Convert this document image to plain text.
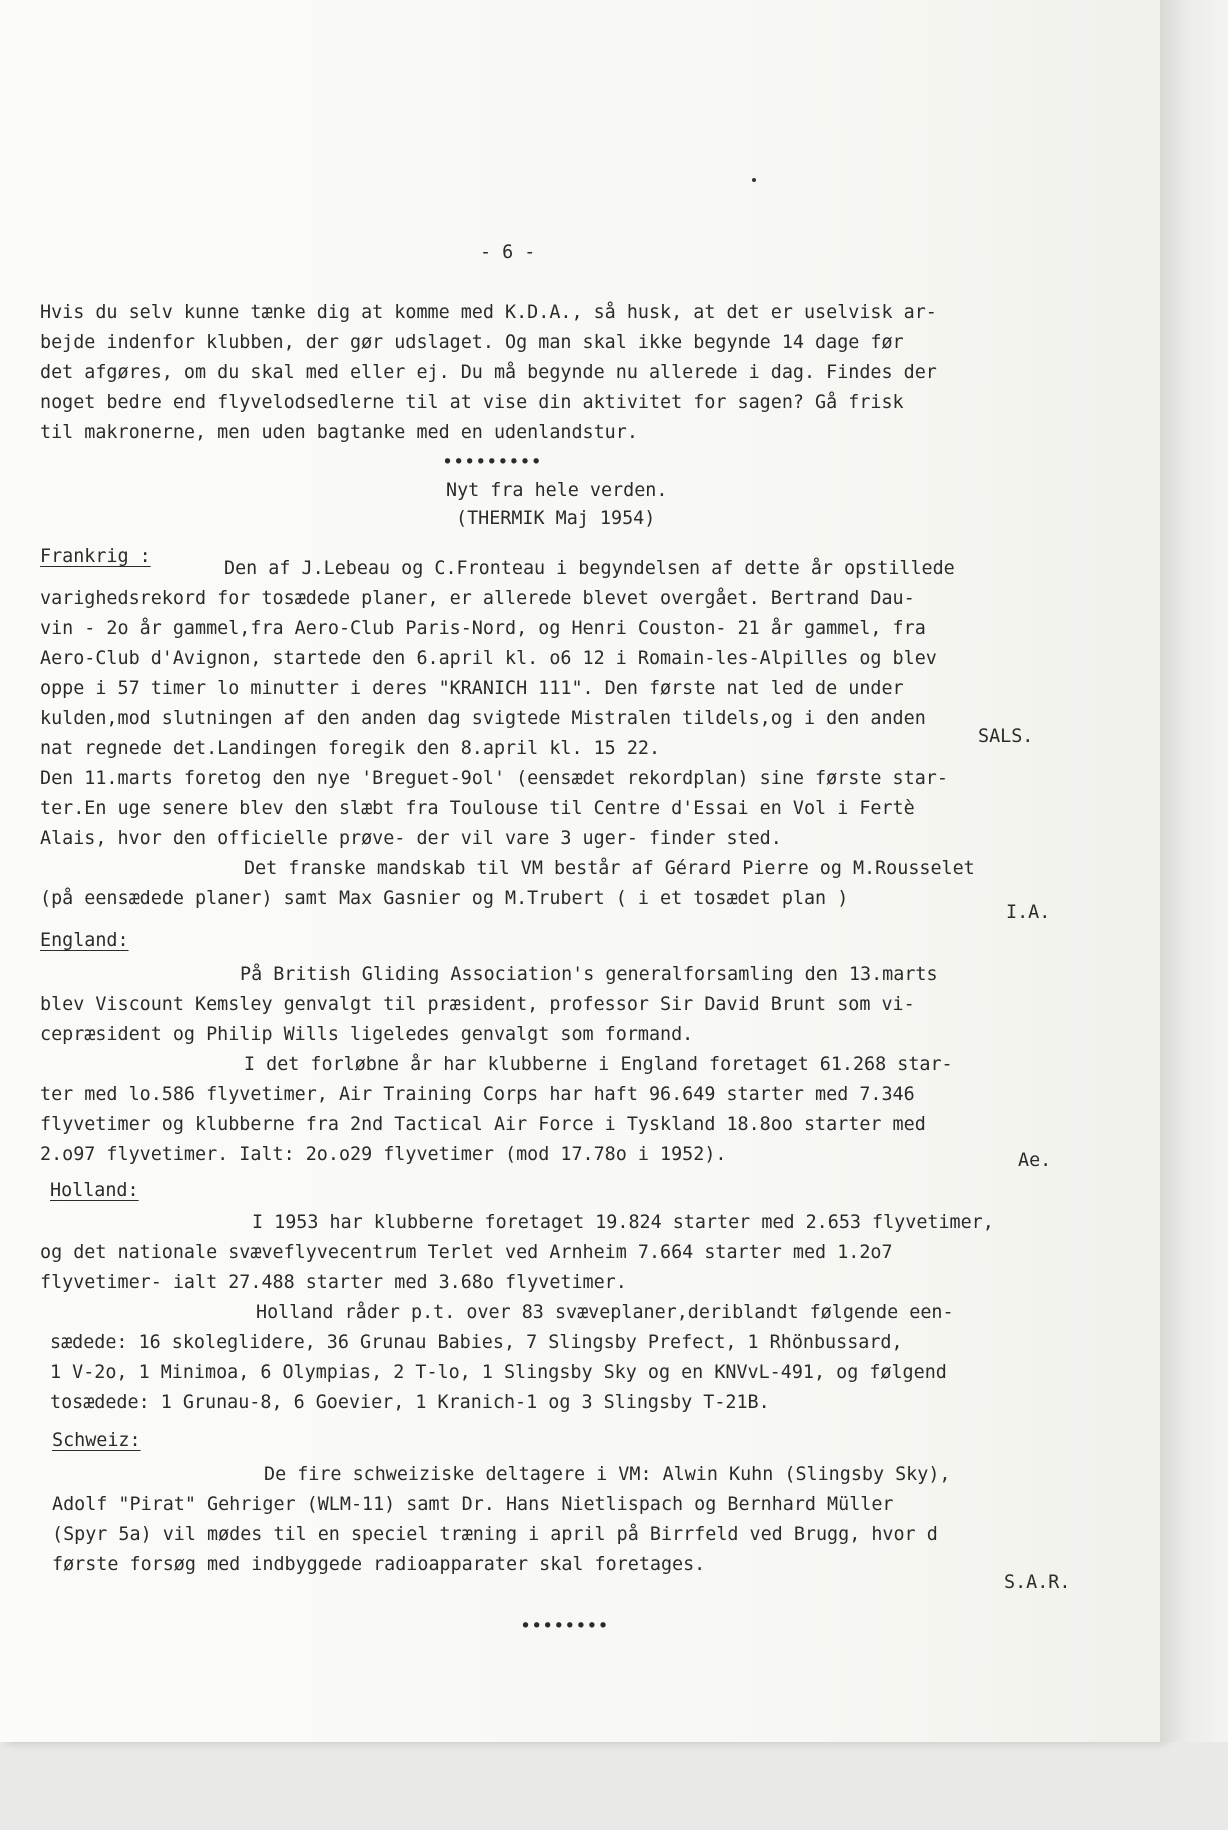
- 6 -

Hvis du selv kunne tænke dig at komme med K.D.A., så husk, at det er uselvisk ar-

bejde indenfor klubben, der gør udslaget. Og man skal ikke begynde 14 dage før

det afgøres, om du skal med eller ej. Du må begynde nu allerede i dag. Findes der

noget bedre end flyvelodsedlerne til at vise din aktivitet for sagen? Gå frisk

til makronerne, men uden bagtanke med en udenlandstur.

•••••••••

Nyt fra hele verden.

(THERMIK Maj 1954)

Frankrig :

Den af J.Lebeau og C.Fronteau i begyndelsen af dette år opstillede

varighedsrekord for tosædede planer, er allerede blevet overgået. Bertrand Dau-

vin - 2o år gammel,fra Aero-Club Paris-Nord, og Henri Couston- 21 år gammel, fra

Aero-Club d'Avignon, startede den 6.april kl. o6 12 i Romain-les-Alpilles og blev

oppe i 57 timer lo minutter i deres "KRANICH 111". Den første nat led de under

kulden,mod slutningen af den anden dag svigtede Mistralen tildels,og i den anden

nat regnede det.Landingen foregik den 8.april kl. 15 22.

SALS.

Den 11.marts foretog den nye 'Breguet-9ol' (eensædet rekordplan) sine første star-

ter.En uge senere blev den slæbt fra Toulouse til Centre d'Essai en Vol i Fertè

Alais, hvor den officielle prøve- der vil vare 3 uger- finder sted.

Det franske mandskab til VM består af Gérard Pierre og M.Rousselet

(på eensædede planer) samt Max Gasnier og M.Trubert ( i et tosædet plan )

I.A.

England:

På British Gliding Association's generalforsamling den 13.marts

blev Viscount Kemsley genvalgt til præsident, professor Sir David Brunt som vi-

cepræsident og Philip Wills ligeledes genvalgt som formand.

I det forløbne år har klubberne i England foretaget 61.268 star-

ter med lo.586 flyvetimer, Air Training Corps har haft 96.649 starter med 7.346

flyvetimer og klubberne fra 2nd Tactical Air Force i Tyskland 18.8oo starter med

2.o97 flyvetimer. Ialt: 2o.o29 flyvetimer (mod 17.78o i 1952).

	Ae.

Holland:

I 1953 har klubberne foretaget 19.824 starter med 2.653 flyvetimer,

og det nationale svæveflyvecentrum Terlet ved Arnheim 7.664 starter med 1.2o7

flyvetimer- ialt 27.488 starter med 3.68o flyvetimer.

Holland råder p.t. over 83 svæveplaner,deriblandt følgende een-

sædede: 16 skoleglidere, 36 Grunau Babies, 7 Slingsby Prefect, 1 Rhönbussard,

1 V-2o, 1 Minimoa, 6 Olympias, 2 T-lo, 1 Slingsby Sky og en KNVvL-491, og følgend

tosædede: 1 Grunau-8, 6 Goevier, 1 Kranich-1 og 3 Slingsby T-21B.

Schweiz:

De fire schweiziske deltagere i VM: Alwin Kuhn (Slingsby Sky),

Adolf "Pirat" Gehriger (WLM-11) samt Dr. Hans Nietlispach og Bernhard Müller

(Spyr 5a) vil mødes til en speciel træning i april på Birrfeld ved Brugg, hvor d

første forsøg med indbyggede radioapparater skal foretages.

S.A.R.

••••••••
